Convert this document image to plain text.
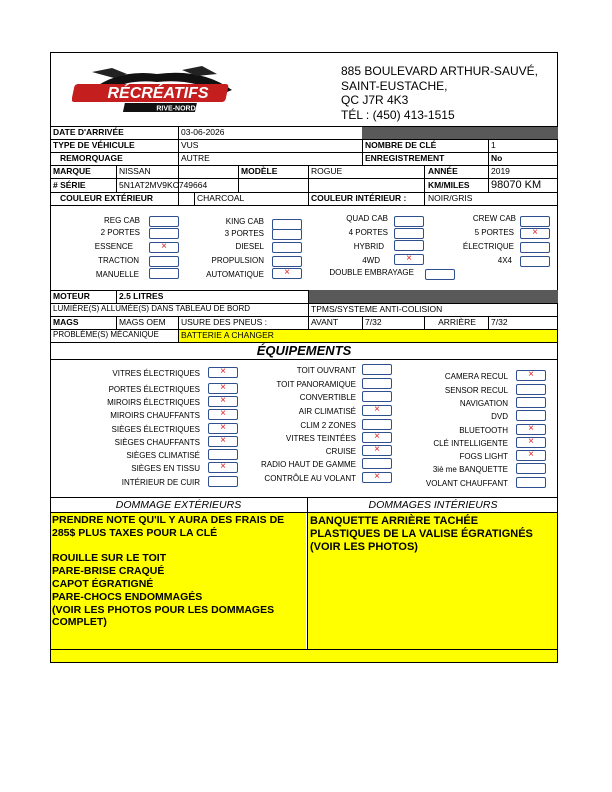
RÉCRÉATIFS
RIVE-NORD
885 BOULEVARD ARTHUR-SAUVÉ,
SAINT-EUSTACHE,
QC J7R 4K3
TÉL : (450) 413-1515
DATE D'ARRIVÉE	03-06-2026
TYPE DE VÉHICULE	VUS	NOMBRE DE CLÉ	1
REMORQUAGE	AUTRE	ENREGISTREMENT	No
MARQUE	NISSAN	MODÈLE	ROGUE	ANNÉE	2019
# SÉRIE	5N1AT2MV9KC749664	KM/MILES	98070 KM
COULEUR EXTÉRIEUR	CHARCOAL	COULEUR INTÉRIEUR :	NOIR/GRIS
REG CAB	KING CAB	QUAD CAB	CREW CAB
2 PORTES	3 PORTES	4 PORTES	5 PORTES	×
ESSENCE	×	DIESEL	HYBRID	ÉLECTRIQUE
TRACTION	PROPULSION	4WD	×	4X4
MANUELLE	AUTOMATIQUE	×	DOUBLE EMBRAYAGE
MOTEUR	2.5 LITRES
LUMIÈRE(S) ALLUMÉE(S) DANS TABLEAU DE BORD	TPMS/SYSTEME ANTI-COLISION
MAGS	MAGS OEM	USURE DES PNEUS :	AVANT	7/32	ARRIÈRE	7/32
PROBLÈME(S) MÉCANIQUE	BATTERIE A CHANGER
ÉQUIPEMENTS
VITRES ÉLECTRIQUES	×
PORTES ÉLECTRIQUES	×
MIROIRS ÉLECTRIQUES	×
MIROIRS CHAUFFANTS	×
SIÈGES ÉLECTRIQUES	×
SIÈGES CHAUFFANTS	×
SIÈGES CLIMATISÉ
SIÈGES EN TISSU	×
INTÉRIEUR DE CUIR
TOIT OUVRANT
TOIT PANORAMIQUE
CONVERTIBLE
AIR CLIMATISÉ	×
CLIM 2 ZONES
VITRES TEINTÉES	×
CRUISE	×
RADIO HAUT DE GAMME
CONTRÔLE AU VOLANT	×
CAMERA RECUL	×
SENSOR RECUL
NAVIGATION
DVD
BLUETOOTH	×
CLÉ INTELLIGENTE	×
FOGS LIGHT	×
3iè me BANQUETTE
VOLANT CHAUFFANT
DOMMAGE EXTÉRIEURS	DOMMAGES INTÉRIEURS
PRENDRE NOTE QU'IL Y AURA DES FRAIS DE
285$ PLUS TAXES POUR LA CLÉ
ROUILLE SUR LE TOIT
PARE-BRISE CRAQUÉ
CAPOT ÉGRATIGNÉ
PARE-CHOCS ENDOMMAGÉS
(VOIR LES PHOTOS POUR LES DOMMAGES
COMPLET)
BANQUETTE ARRIÈRE TACHÉE
PLASTIQUES DE LA VALISE ÉGRATIGNÉS
(VOIR LES PHOTOS)
